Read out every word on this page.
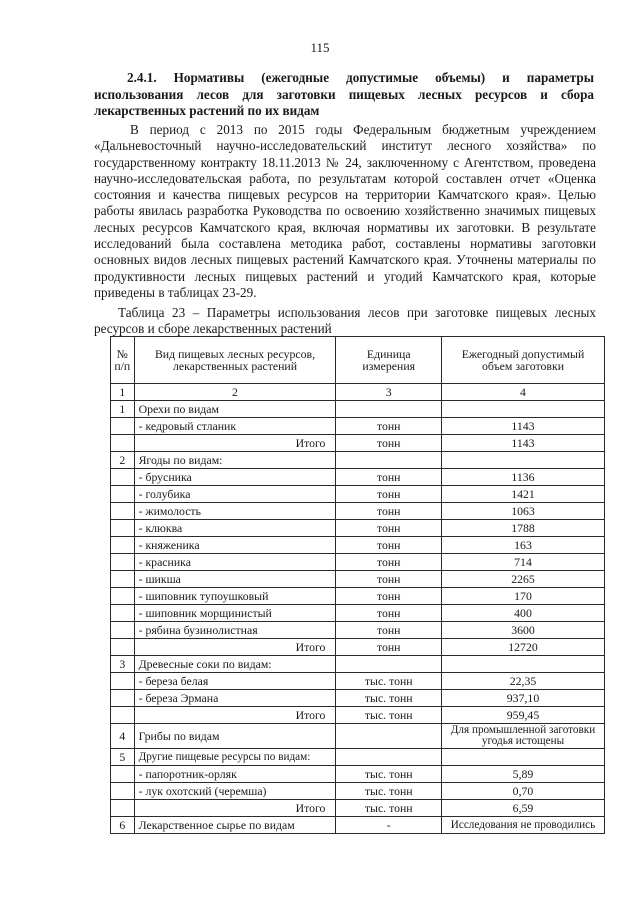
115
2.4.1. Нормативы (ежегодные допустимые объемы) и параметры использования лесов для заготовки пищевых лесных ресурсов и сбора лекарственных растений по их видам

В период с 2013 по 2015 годы Федеральным бюджетным учреждением «Дальневосточный научно-исследовательский институт лесного хозяйства» по государственному контракту 18.11.2013 № 24, заключенному с Агентством, проведена научно-исследовательская работа, по результатам которой составлен отчет «Оценка состояния и качества пищевых ресурсов на территории Камчатского края». Целью работы явилась разработка Руководства по освоению хозяйственно значимых пищевых лесных ресурсов Камчатского края, включая нормативы их заготовки. В результате исследований была составлена методика работ, составлены нормативы заготовки основных видов лесных пищевых растений Камчатского края. Уточнены материалы по продуктивности лесных пищевых растений и угодий Камчатского края, которые приведены в таблицах 23-29.

Таблица 23 – Параметры использования лесов при заготовке пищевых лесных ресурсов и сборе лекарственных растений

№ п/п	Вид пищевых лесных ресурсов, лекарственных растений	Единица измерения	Ежегодный допустимый объем заготовки
1	2	3	4
1	Орехи по видам		
	- кедровый стланик	тонн	1143
	Итого	тонн	1143
2	Ягоды по видам:		
	- брусника	тонн	1136
	- голубика	тонн	1421
	- жимолость	тонн	1063
	- клюква	тонн	1788
	- княженика	тонн	163
	- красника	тонн	714
	- шикша	тонн	2265
	- шиповник тупоушковый	тонн	170
	- шиповник морщинистый	тонн	400
	- рябина бузинолистная	тонн	3600
	Итого	тонн	12720
3	Древесные соки по видам:		
	- береза белая	тыс. тонн	22,35
	- береза Эрмана	тыс. тонн	937,10
	Итого	тыс. тонн	959,45
4	Грибы по видам		Для промышленной заготовки угодья истощены
5	Другие пищевые ресурсы по видам:		
	- папоротник-орляк	тыс. тонн	5,89
	- лук охотский (черемша)	тыс. тонн	0,70
	Итого	тыс. тонн	6,59
6	Лекарственное сырье по видам	-	Исследования не проводились
